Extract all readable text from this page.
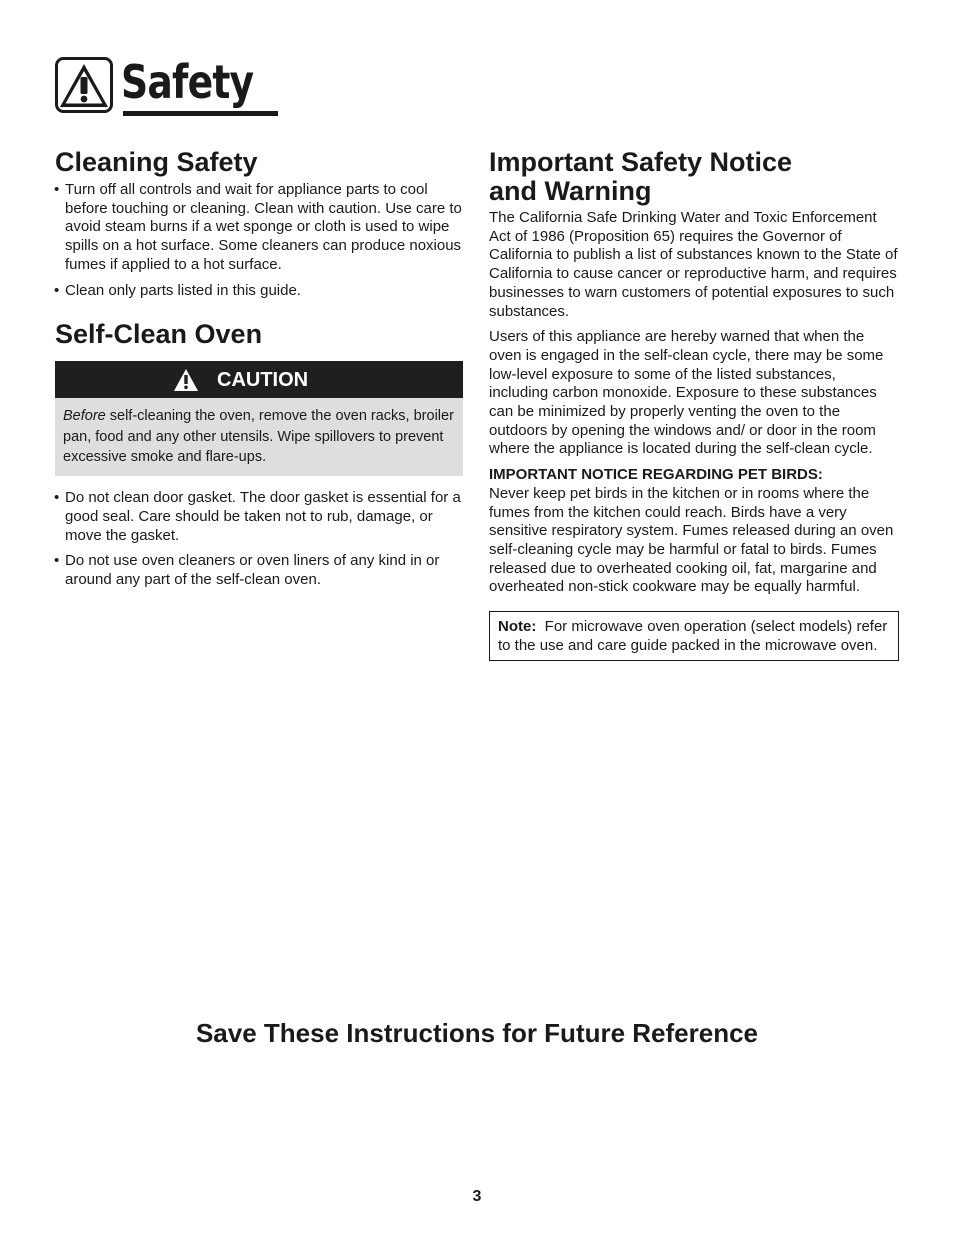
Safety
Cleaning Safety
• Turn off all controls and wait for appliance parts to cool before touching or cleaning. Clean with caution. Use care to avoid steam burns if a wet sponge or cloth is used to wipe spills on a hot surface. Some cleaners can produce noxious fumes if applied to a hot surface.
• Clean only parts listed in this guide.
Self-Clean Oven
CAUTION
Before self-cleaning the oven, remove the oven racks, broiler pan, food and any other utensils. Wipe spillovers to prevent excessive smoke and flare-ups.
• Do not clean door gasket. The door gasket is essential for a good seal. Care should be taken not to rub, damage, or move the gasket.
• Do not use oven cleaners or oven liners of any kind in or around any part of the self-clean oven.
Important Safety Notice
and Warning

The California Safe Drinking Water and Toxic Enforcement Act of 1986 (Proposition 65) requires the Governor of California to publish a list of substances known to the State of California to cause cancer or reproductive harm, and requires businesses to warn customers of potential exposures to such substances.

Users of this appliance are hereby warned that when the oven is engaged in the self-clean cycle, there may be some low-level exposure to some of the listed substances, including carbon monoxide. Exposure to these substances can be minimized by properly venting the oven to the outdoors by opening the windows and/ or door in the room where the appliance is located during the self-clean cycle.

IMPORTANT NOTICE REGARDING PET BIRDS:

Never keep pet birds in the kitchen or in rooms where the fumes from the kitchen could reach. Birds have a very sensitive respiratory system. Fumes released during an oven self-cleaning cycle may be harmful or fatal to birds. Fumes released due to overheated cooking oil, fat, margarine and overheated non-stick cookware may be equally harmful.

Note: For microwave oven operation (select models) refer to the use and care guide packed in the microwave oven.
Save These Instructions for Future Reference
3
